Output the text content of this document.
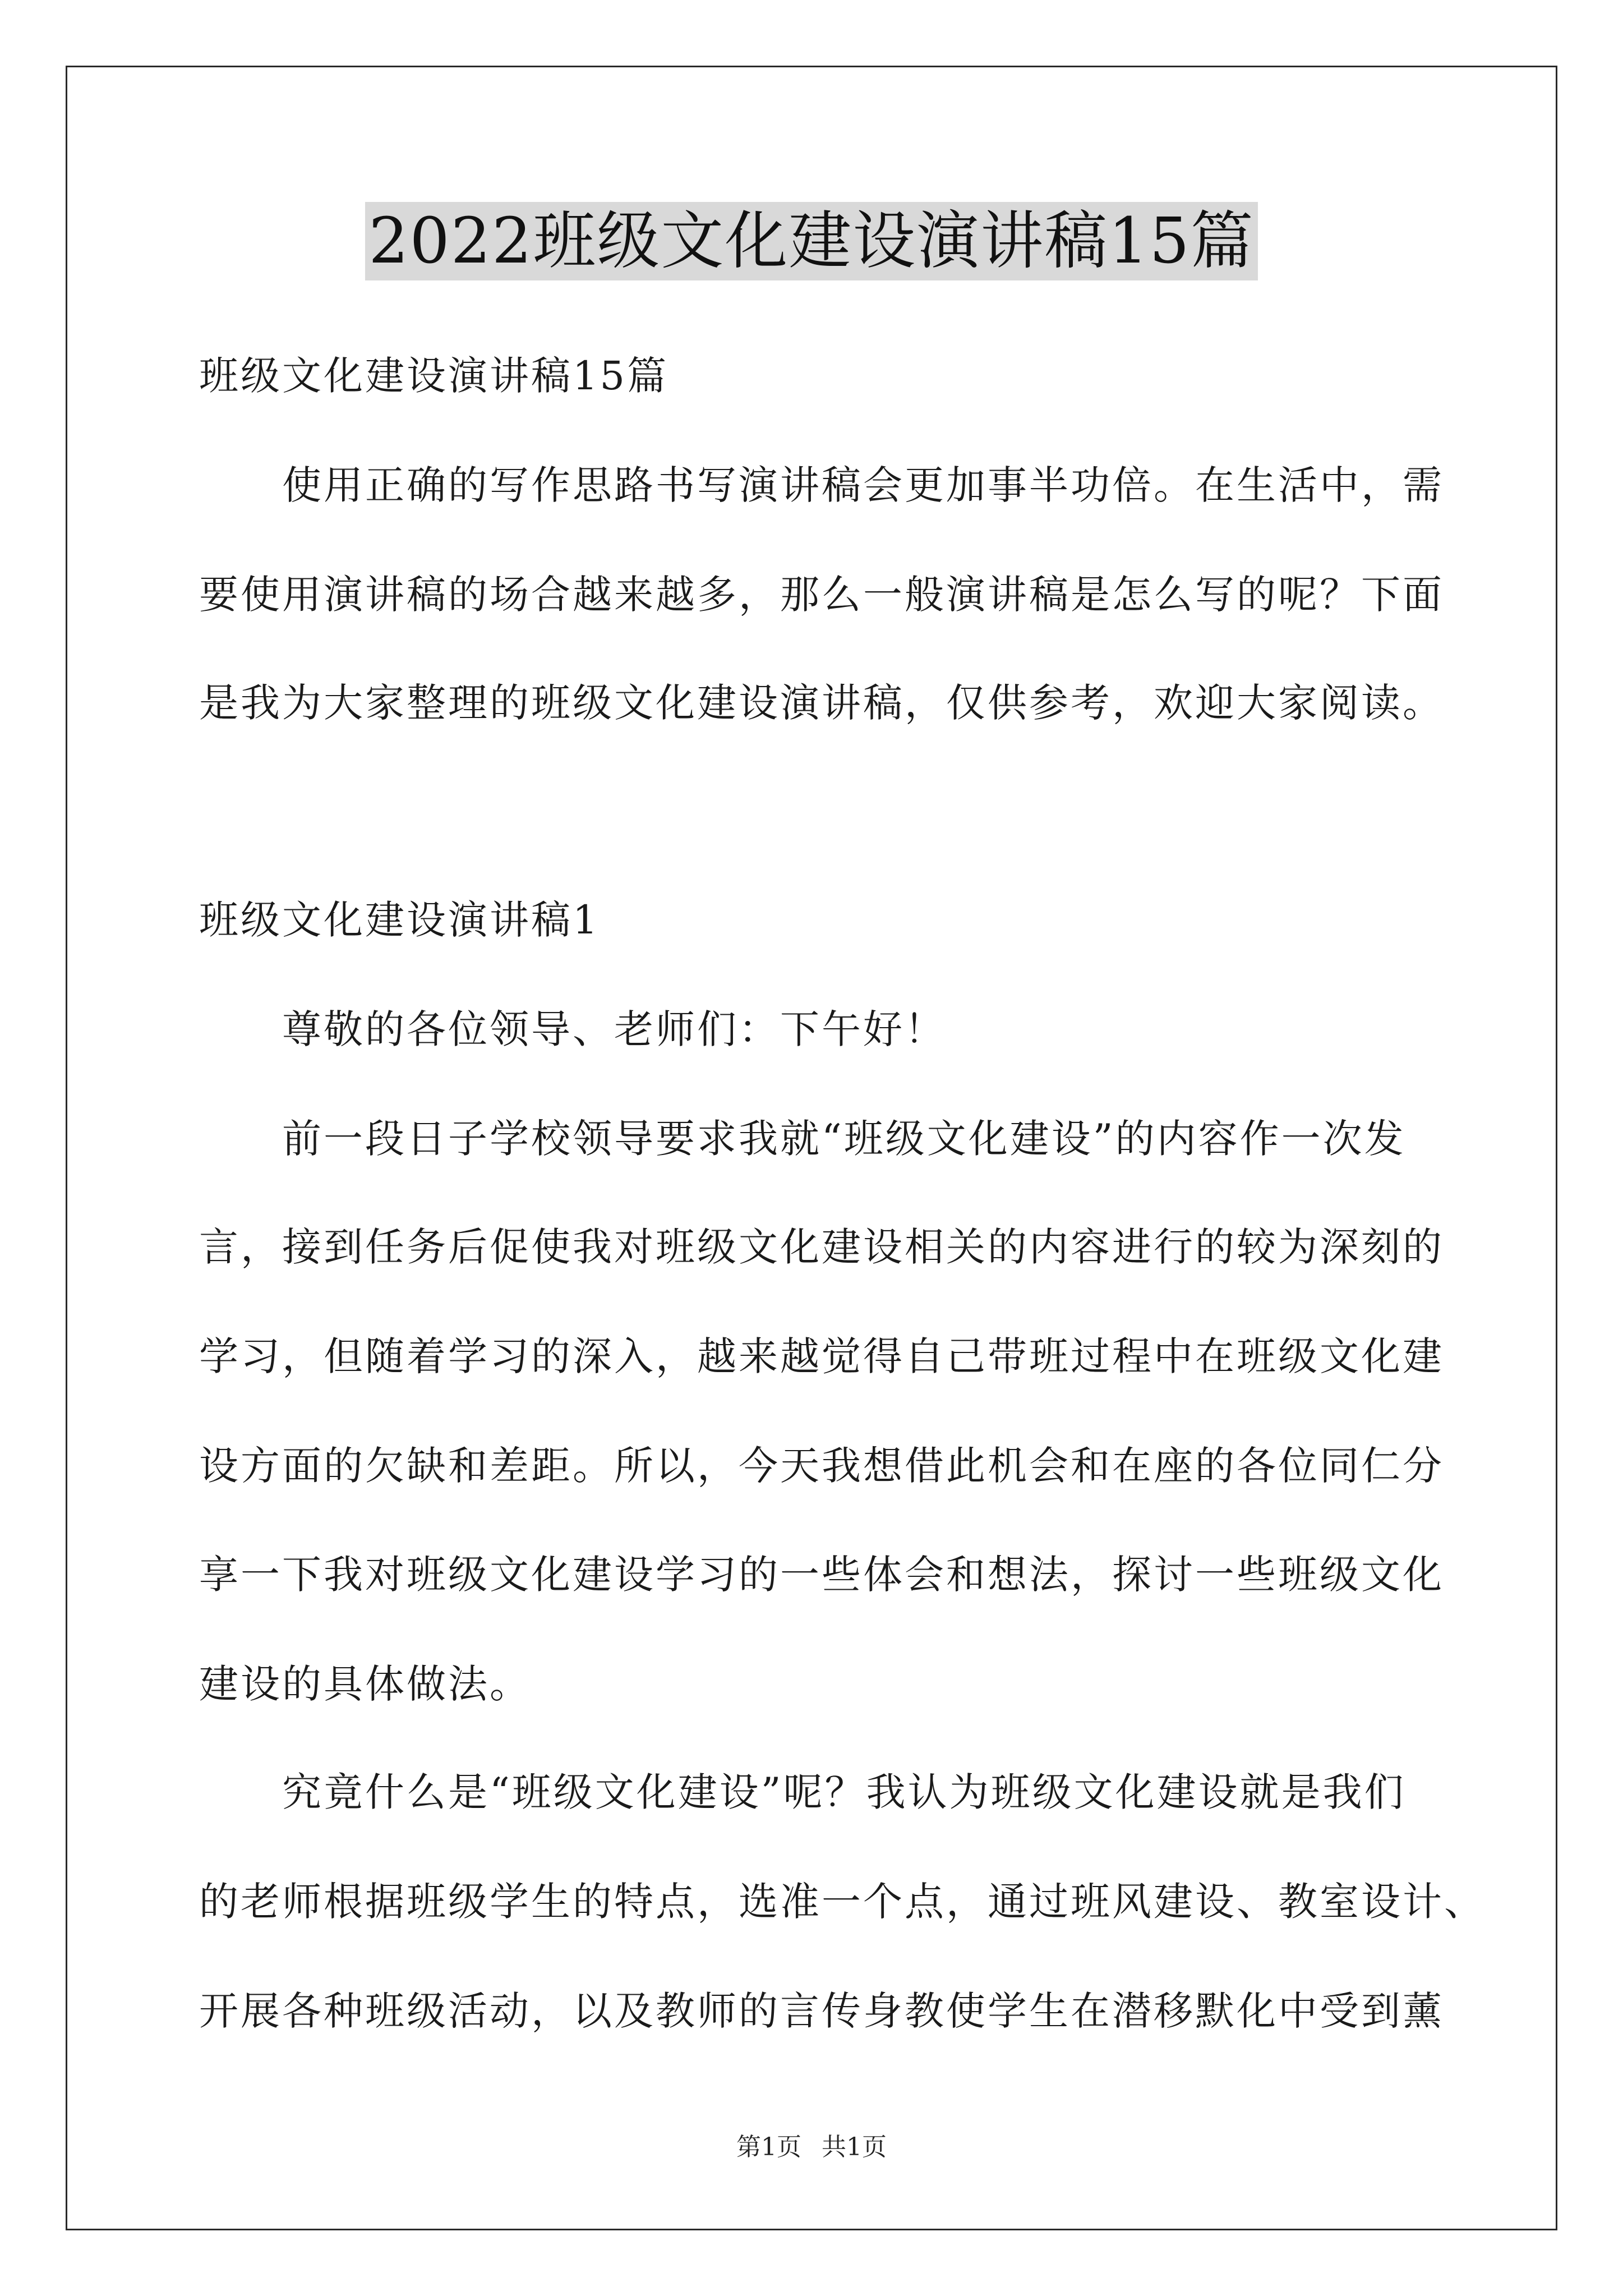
2022班级文化建设演讲稿15篇
班级文化建设演讲稿15篇
使用正确的写作思路书写演讲稿会更加事半功倍。在生活中，需
要使用演讲稿的场合越来越多，那么一般演讲稿是怎么写的呢？下面
是我为大家整理的班级文化建设演讲稿，仅供参考，欢迎大家阅读。
班级文化建设演讲稿1
尊敬的各位领导、老师们：下午好！
前一段日子学校领导要求我就“班级文化建设”的内容作一次发
言，接到任务后促使我对班级文化建设相关的内容进行的较为深刻的
学习，但随着学习的深入，越来越觉得自己带班过程中在班级文化建
设方面的欠缺和差距。所以，今天我想借此机会和在座的各位同仁分
享一下我对班级文化建设学习的一些体会和想法，探讨一些班级文化
建设的具体做法。
究竟什么是“班级文化建设”呢？我认为班级文化建设就是我们
的老师根据班级学生的特点，选准一个点，通过班风建设、教室设计、
开展各种班级活动，以及教师的言传身教使学生在潜移默化中受到薰
第1页 共1页
